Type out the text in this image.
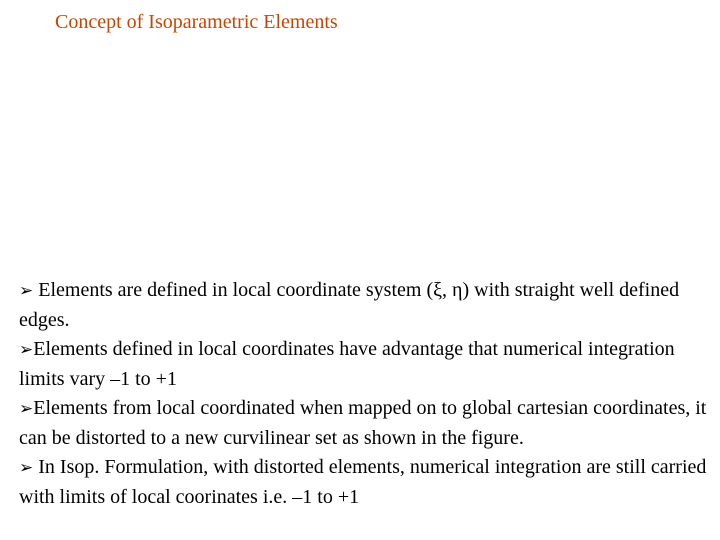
Concept of Isoparametric Elements
➢ Elements are defined in local coordinate system (ξ, η) with straight well defined edges.
➢Elements defined in local coordinates have advantage that numerical integration limits vary –1 to +1
➢Elements from local coordinated when mapped on to global cartesian coordinates, it can be distorted to a new curvilinear set as shown in the figure.
➢ In Isop. Formulation, with distorted elements, numerical integration are still carried with limits of local coorinates i.e. –1 to +1
